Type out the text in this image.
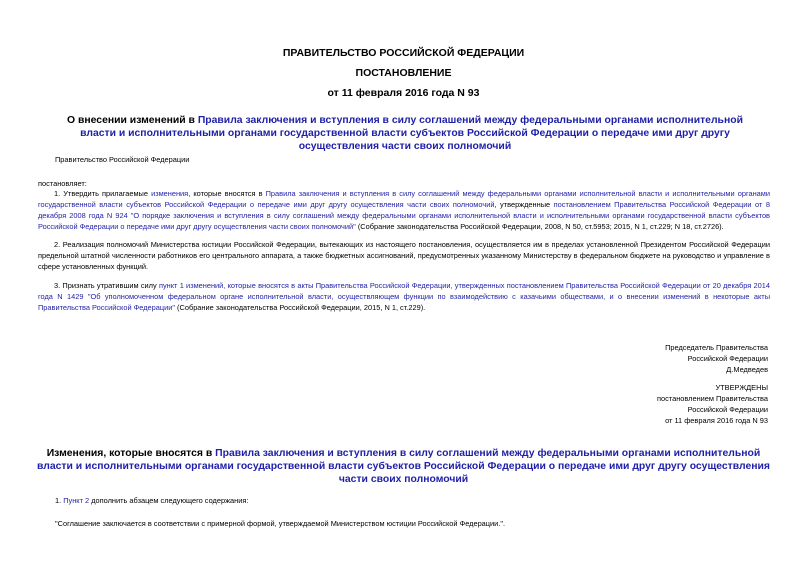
ПРАВИТЕЛЬСТВО РОССИЙСКОЙ ФЕДЕРАЦИИ
ПОСТАНОВЛЕНИЕ
от 11 февраля 2016 года N 93
О внесении изменений в Правила заключения и вступления в силу соглашений между федеральными органами исполнительной власти и исполнительными органами государственной власти субъектов Российской Федерации о передаче ими друг другу осуществления части своих полномочий
Правительство Российской Федерации
постановляет:
1. Утвердить прилагаемые изменения, которые вносятся в Правила заключения и вступления в силу соглашений между федеральными органами исполнительной власти и исполнительными органами государственной власти субъектов Российской Федерации о передаче ими друг другу осуществления части своих полномочий, утвержденные постановлением Правительства Российской Федерации от 8 декабря 2008 года N 924 "О порядке заключения и вступления в силу соглашений между федеральными органами исполнительной власти и исполнительными органами государственной власти субъектов Российской Федерации о передаче ими друг другу осуществления части своих полномочий" (Собрание законодательства Российской Федерации, 2008, N 50, ст.5953; 2015, N 1, ст.229; N 18, ст.2726).
2. Реализация полномочий Министерства юстиции Российской Федерации, вытекающих из настоящего постановления, осуществляется им в пределах установленной Президентом Российской Федерации предельной штатной численности работников его центрального аппарата, а также бюджетных ассигнований, предусмотренных указанному Министерству в федеральном бюджете на руководство и управление в сфере установленных функций.
3. Признать утратившим силу пункт 1 изменений, которые вносятся в акты Правительства Российской Федерации, утвержденных постановлением Правительства Российской Федерации от 20 декабря 2014 года N 1429 "Об уполномоченном федеральном органе исполнительной власти, осуществляющем функции по взаимодействию с казачьими обществами, и о внесении изменений в некоторые акты Правительства Российской Федерации" (Собрание законодательства Российской Федерации, 2015, N 1, ст.229).
Председатель Правительства
Российской Федерации
Д.Медведев
УТВЕРЖДЕНЫ
постановлением Правительства
Российской Федерации
от 11 февраля 2016 года N 93
Изменения, которые вносятся в Правила заключения и вступления в силу соглашений между федеральными органами исполнительной власти и исполнительными органами государственной власти субъектов Российской Федерации о передаче ими друг другу осуществления части своих полномочий
1. Пункт 2 дополнить абзацем следующего содержания:
"Соглашение заключается в соответствии с примерной формой, утверждаемой Министерством юстиции Российской Федерации.".
